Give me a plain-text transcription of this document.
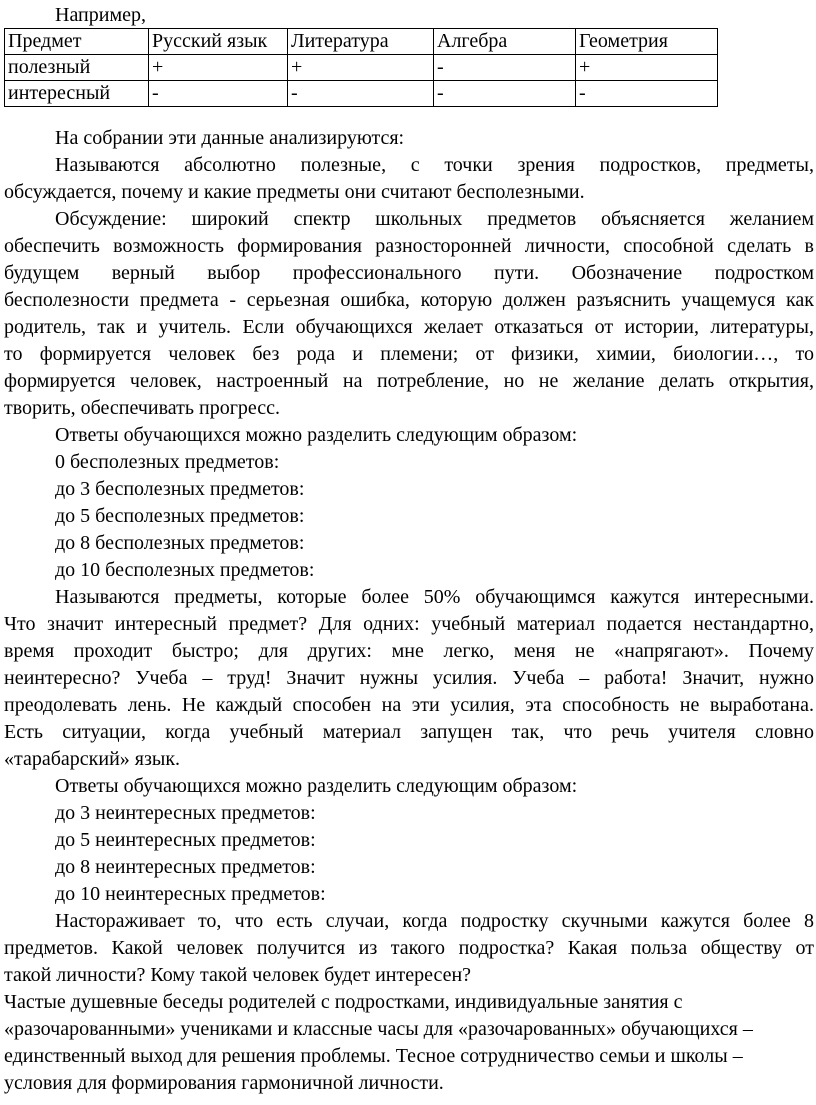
Например,

Предмет	Русский язык	Литература	Алгебра	Геометрия
полезный	+	+	-	+
интересный	-	-	-	-

На собрании эти данные анализируются:

Называются абсолютно полезные, с точки зрения подростков, предметы,

обсуждается, почему и какие предметы они считают бесполезными.

Обсуждение: широкий спектр школьных предметов объясняется желанием

обеспечить возможность формирования разносторонней личности, способной сделать в

будущем верный выбор профессионального пути. Обозначение подростком

бесполезности предмета - серьезная ошибка, которую должен разъяснить учащемуся как

родитель, так и учитель. Если обучающихся желает отказаться от истории, литературы,

то формируется человек без рода и племени; от физики, химии, биологии…, то

формируется человек, настроенный на потребление, но не желание делать открытия,

творить, обеспечивать прогресс.

Ответы обучающихся можно разделить следующим образом:

0 бесполезных предметов:

до 3 бесполезных предметов:

до 5 бесполезных предметов:

до 8 бесполезных предметов:

до 10 бесполезных предметов:

Называются предметы, которые более 50% обучающимся кажутся интересными.

Что значит интересный предмет? Для одних: учебный материал подается нестандартно,

время проходит быстро; для других: мне легко, меня не «напрягают». Почему

неинтересно? Учеба – труд! Значит нужны усилия. Учеба – работа! Значит, нужно

преодолевать лень. Не каждый способен на эти усилия, эта способность не выработана.

Есть ситуации, когда учебный материал запущен так, что речь учителя словно

«тарабарский» язык.

Ответы обучающихся можно разделить следующим образом:

до 3 неинтересных предметов:

до 5 неинтересных предметов:

до 8 неинтересных предметов:

до 10 неинтересных предметов:

Настораживает то, что есть случаи, когда подростку скучными кажутся более 8

предметов. Какой человек получится из такого подростка? Какая польза обществу от

такой личности? Кому такой человек будет интересен?

Частые душевные беседы родителей с подростками, индивидуальные занятия с

«разочарованными» учениками и классные часы для «разочарованных» обучающихся –

единственный выход для решения проблемы. Тесное сотрудничество семьи и школы –

условия для формирования гармоничной личности.
